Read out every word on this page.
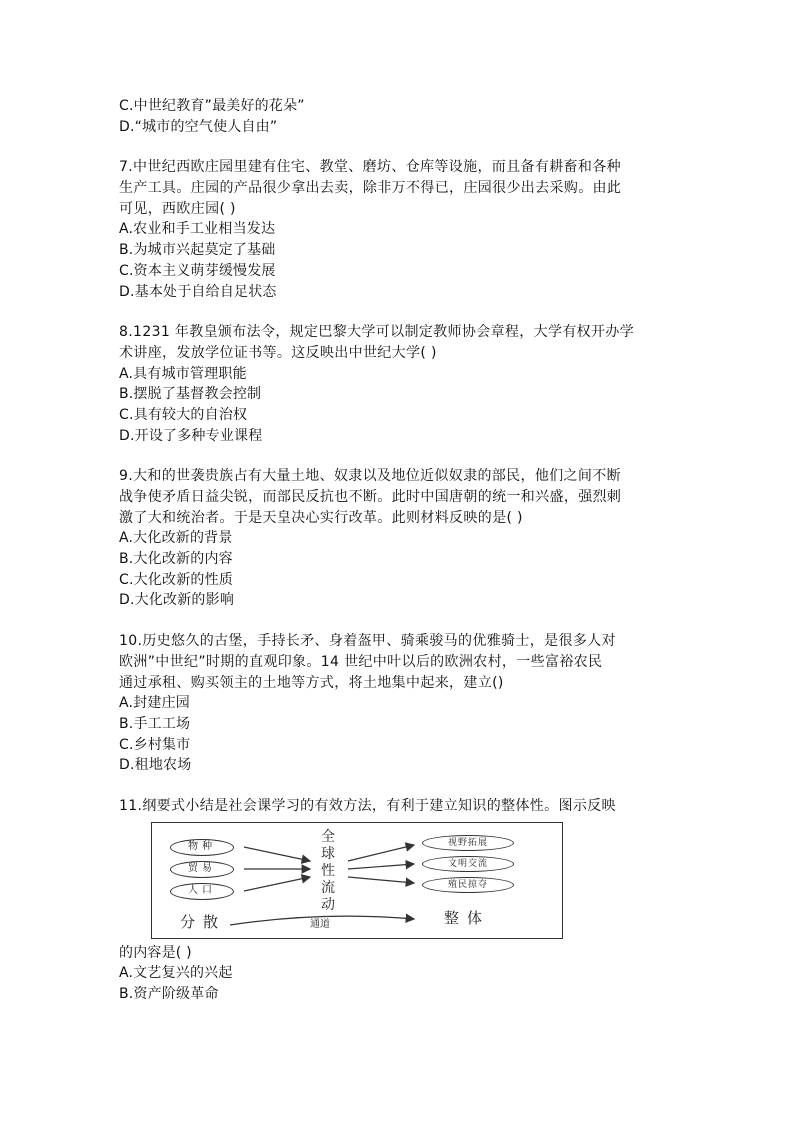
C.中世纪教育”最美好的花朵”
D.“城市的空气使人自由”
7.中世纪西欧庄园里建有住宅、教堂、磨坊、仓库等设施，而且备有耕畜和各种
生产工具。庄园的产品很少拿出去卖，除非万不得已，庄园很少出去采购。由此
可见，西欧庄园( )
A.农业和手工业相当发达
B.为城市兴起莫定了基础
C.资本主义萌芽缓慢发展
D.基本处于自给自足状态
8.1231 年教皇颁布法令，规定巴黎大学可以制定教师协会章程，大学有权开办学
术讲座，发放学位证书等。这反映出中世纪大学( )
A.具有城市管理职能
B.摆脱了基督教会控制
C.具有较大的自治权
D.开设了多种专业课程
9.大和的世袭贵族占有大量土地、奴隶以及地位近似奴隶的部民，他们之间不断
战争使矛盾日益尖锐，而部民反抗也不断。此时中国唐朝的统一和兴盛，强烈刺
激了大和统治者。于是天皇决心实行改革。此则材料反映的是( )
A.大化改新的背景
B.大化改新的内容
C.大化改新的性质
D.大化改新的影响
10.历史悠久的古堡，手持长矛、身着盔甲、骑乘骏马的优雅骑士，是很多人对
欧洲”中世纪”时期的直观印象。14 世纪中叶以后的欧洲农村，一些富裕农民
通过承租、购买领主的土地等方式，将土地集中起来，建立()
A.封建庄园
B.手工工场
C.乡村集市
D.租地农场
11.纲要式小结是社会课学习的有效方法，有利于建立知识的整体性。图示反映
物种
贸易
人口
全
球
性
流
动
视野拓展
文明交流
殖民掠夺
分散	通道	整体
的内容是( )
A.文艺复兴的兴起
B.资产阶级革命
